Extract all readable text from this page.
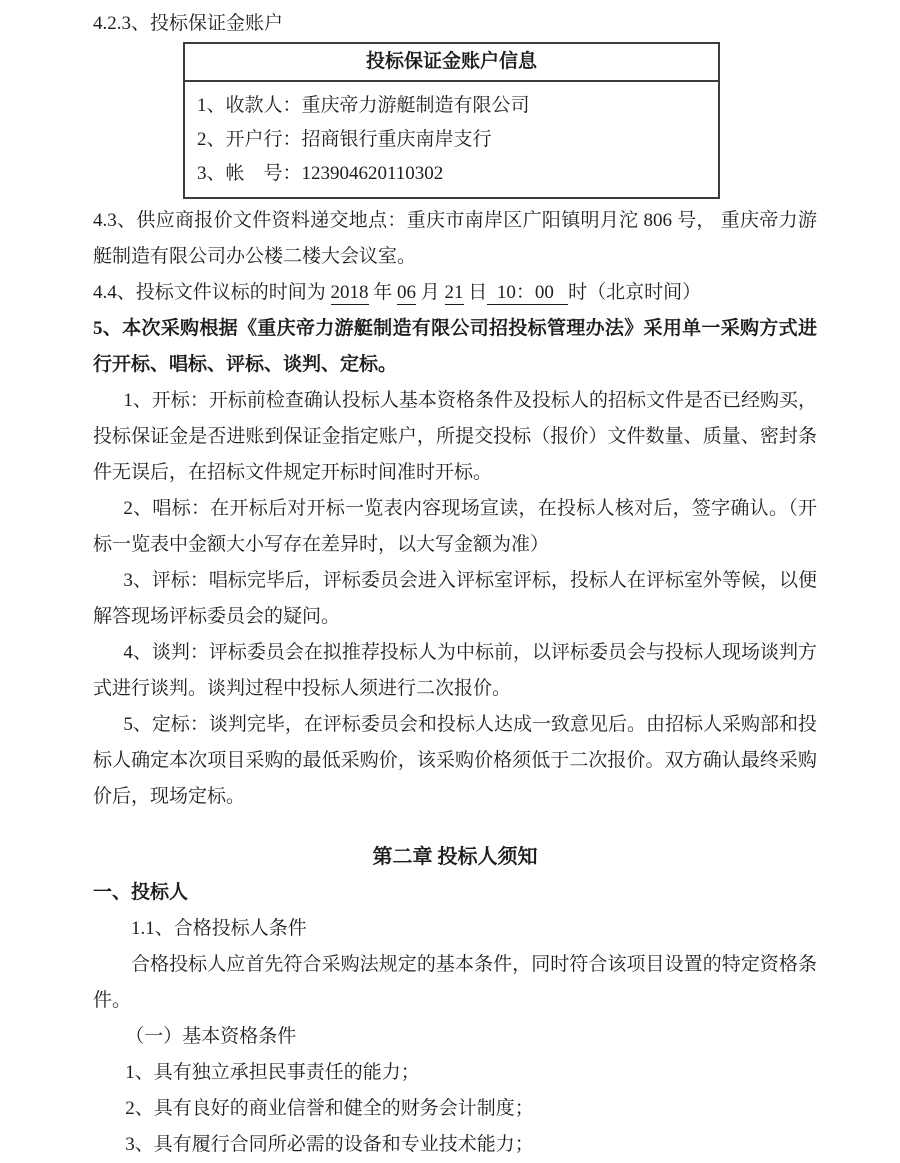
4.2.3、投标保证金账户

投标保证金账户信息
1、收款人：重庆帝力游艇制造有限公司
2、开户行：招商银行重庆南岸支行
3、帐　号：123904620110302

4.3、供应商报价文件资料递交地点：重庆市南岸区广阳镇明月沱 806 号， 重庆帝力游艇制造有限公司办公楼二楼大会议室。

4.4、投标文件议标的时间为 2018 年 06 月 21 日  10：00   时（北京时间）

5、本次采购根据《重庆帝力游艇制造有限公司招投标管理办法》采用单一采购方式进行开标、唱标、评标、谈判、定标。

1、开标：开标前检查确认投标人基本资格条件及投标人的招标文件是否已经购买，投标保证金是否进账到保证金指定账户，所提交投标（报价）文件数量、质量、密封条件无误后，在招标文件规定开标时间准时开标。

2、唱标：在开标后对开标一览表内容现场宣读，在投标人核对后，签字确认。（开标一览表中金额大小写存在差异时，以大写金额为准）

3、评标：唱标完毕后，评标委员会进入评标室评标，投标人在评标室外等候，以便解答现场评标委员会的疑问。

4、谈判：评标委员会在拟推荐投标人为中标前，以评标委员会与投标人现场谈判方式进行谈判。谈判过程中投标人须进行二次报价。

5、定标：谈判完毕，在评标委员会和投标人达成一致意见后。由招标人采购部和投标人确定本次项目采购的最低采购价，该采购价格须低于二次报价。双方确认最终采购价后，现场定标。

第二章 投标人须知

一、投标人

1.1、合格投标人条件

合格投标人应首先符合采购法规定的基本条件，同时符合该项目设置的特定资格条件。

（一）基本资格条件

1、具有独立承担民事责任的能力；

2、具有良好的商业信誉和健全的财务会计制度；

3、具有履行合同所必需的设备和专业技术能力；
